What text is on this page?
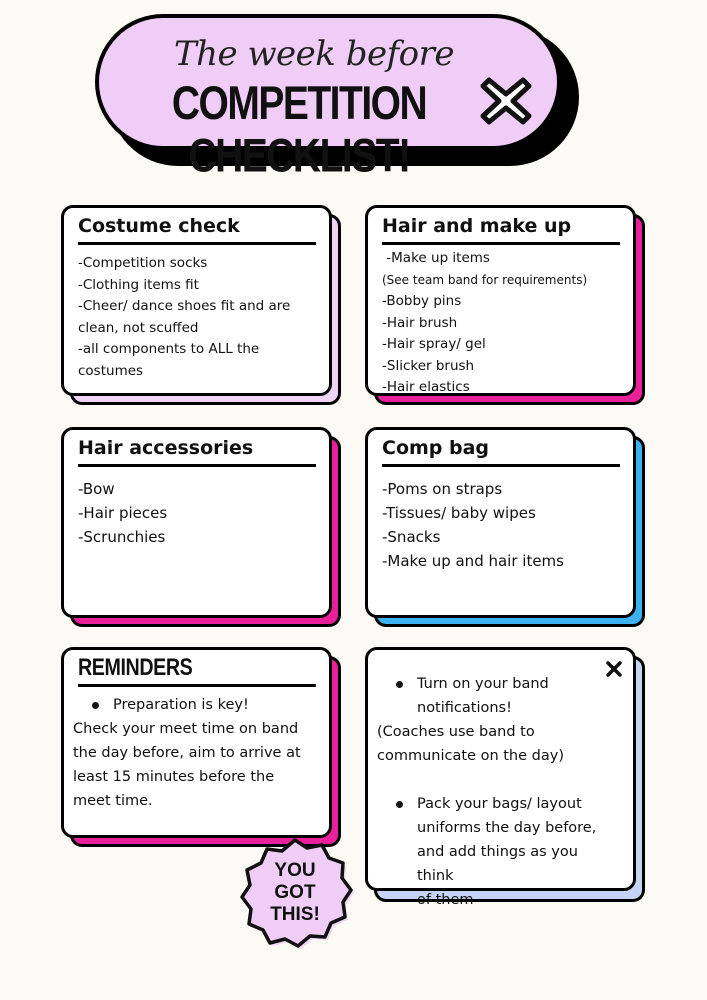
The week before
COMPETITION CHECKLIST!
Costume check
-Competition socks
-Clothing items fit
-Cheer/ dance shoes fit and are
clean, not scuffed
-all components to ALL the
costumes
Hair and make up
-Make up items
(See team band for requirements)
-Bobby pins
-Hair brush
-Hair spray/ gel
-Slicker brush
-Hair elastics
Hair accessories
-Bow
-Hair pieces
-Scrunchies
Comp bag
-Poms on straps
-Tissues/ baby wipes
-Snacks
-Make up and hair items
REMINDERS
Preparation is key!
Check your meet time on band
the day before, aim to arrive at
least 15 minutes before the
meet time.
Turn on your band
notifications!
(Coaches use band to
communicate on the day)
Pack your bags/ layout
uniforms the day before,
and add things as you think
of them
YOU
GOT
THIS!
